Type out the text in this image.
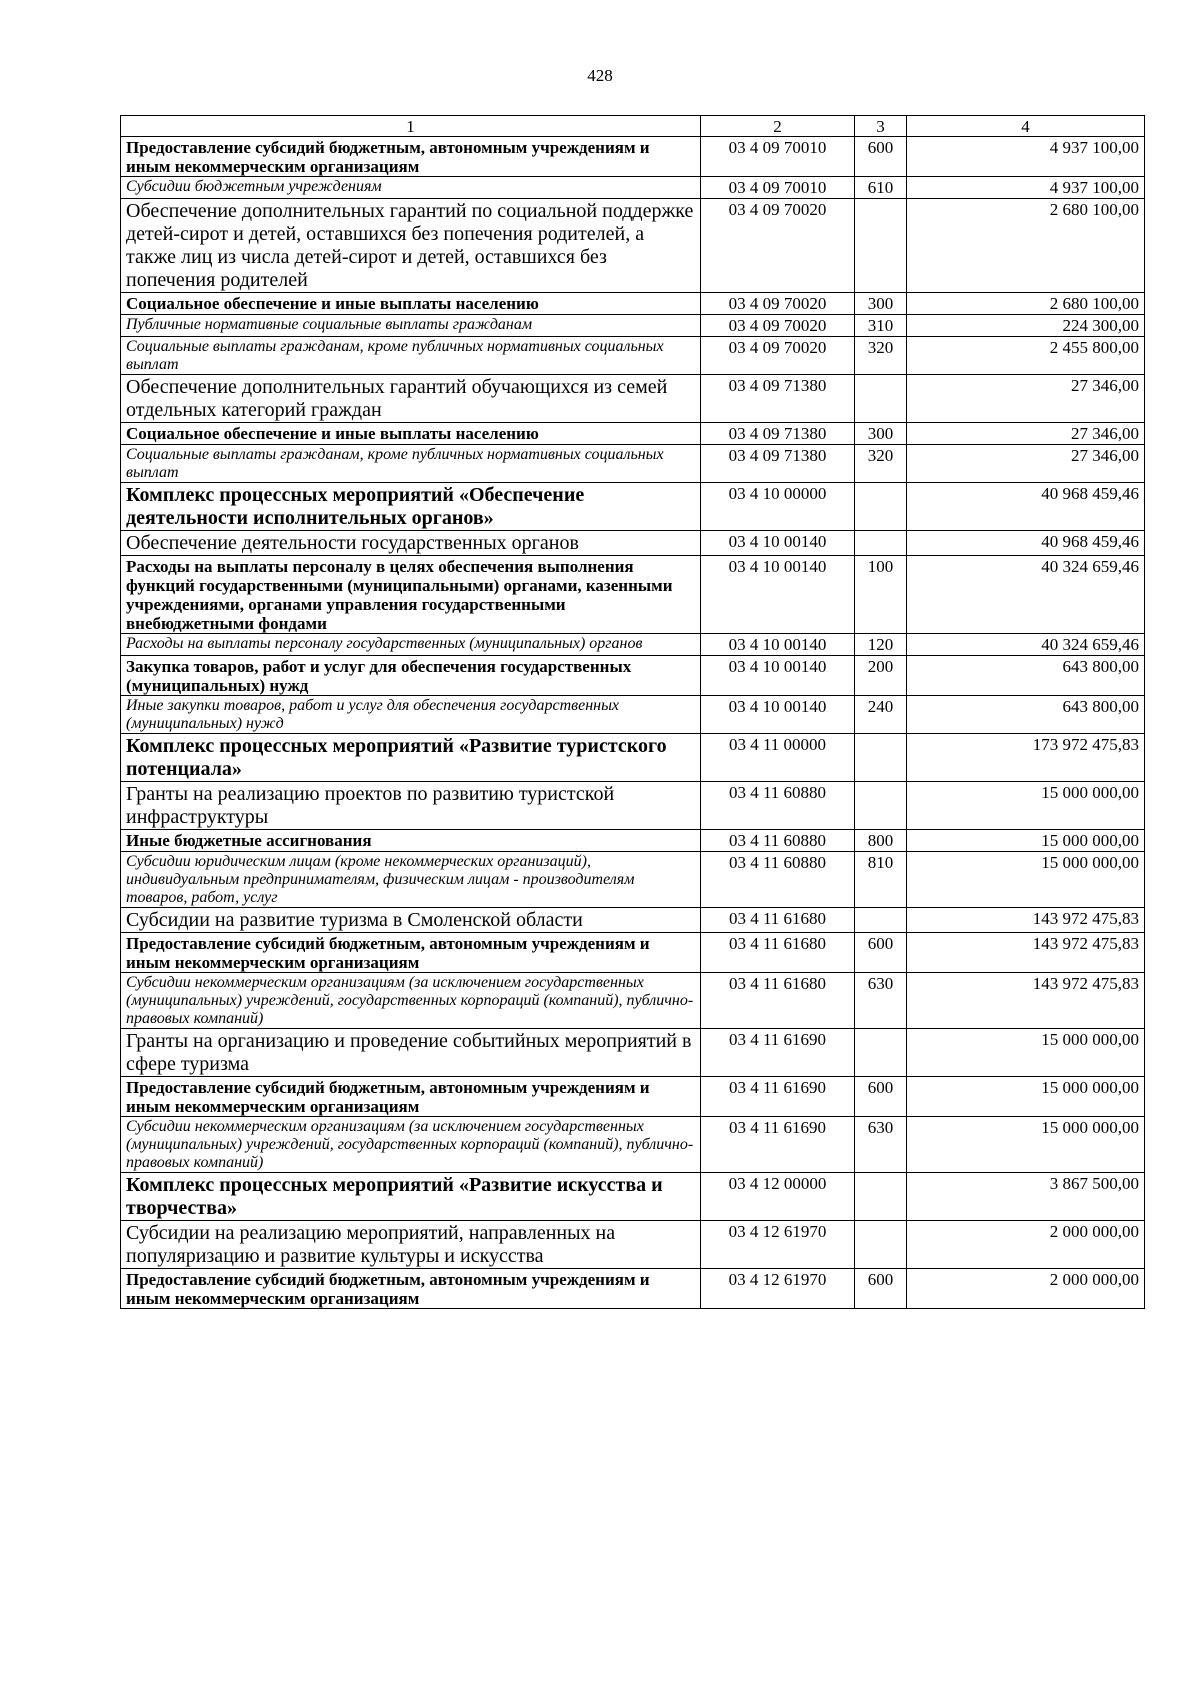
428
1	2	3	4
Предоставление субсидий бюджетным, автономным учреждениям и иным некоммерческим организациям	03 4 09 70010	600	4 937 100,00
Субсидии бюджетным учреждениям	03 4 09 70010	610	4 937 100,00
Обеспечение дополнительных гарантий по социальной поддержке детей-сирот и детей, оставшихся без попечения родителей, а также лиц из числа детей-сирот и детей, оставшихся без попечения родителей	03 4 09 70020		2 680 100,00
Социальное обеспечение и иные выплаты населению	03 4 09 70020	300	2 680 100,00
Публичные нормативные социальные выплаты гражданам	03 4 09 70020	310	224 300,00
Социальные выплаты гражданам, кроме публичных нормативных социальных выплат	03 4 09 70020	320	2 455 800,00
Обеспечение дополнительных гарантий обучающихся из семей отдельных категорий граждан	03 4 09 71380		27 346,00
Социальное обеспечение и иные выплаты населению	03 4 09 71380	300	27 346,00
Социальные выплаты гражданам, кроме публичных нормативных социальных выплат	03 4 09 71380	320	27 346,00
Комплекс процессных мероприятий «Обеспечение деятельности исполнительных органов»	03 4 10 00000		40 968 459,46
Обеспечение деятельности государственных органов	03 4 10 00140		40 968 459,46
Расходы на выплаты персоналу в целях обеспечения выполнения функций государственными (муниципальными) органами, казенными учреждениями, органами управления государственными внебюджетными фондами	03 4 10 00140	100	40 324 659,46
Расходы на выплаты персоналу государственных (муниципальных) органов	03 4 10 00140	120	40 324 659,46
Закупка товаров, работ и услуг для обеспечения государственных (муниципальных) нужд	03 4 10 00140	200	643 800,00
Иные закупки товаров, работ и услуг для обеспечения государственных (муниципальных) нужд	03 4 10 00140	240	643 800,00
Комплекс процессных мероприятий «Развитие туристского потенциала»	03 4 11 00000		173 972 475,83
Гранты на реализацию проектов по развитию туристской инфраструктуры	03 4 11 60880		15 000 000,00
Иные бюджетные ассигнования	03 4 11 60880	800	15 000 000,00
Субсидии юридическим лицам (кроме некоммерческих организаций), индивидуальным предпринимателям, физическим лицам - производителям товаров, работ, услуг	03 4 11 60880	810	15 000 000,00
Субсидии на развитие туризма в Смоленской области	03 4 11 61680		143 972 475,83
Предоставление субсидий бюджетным, автономным учреждениям и иным некоммерческим организациям	03 4 11 61680	600	143 972 475,83
Субсидии некоммерческим организациям (за исключением государственных (муниципальных) учреждений, государственных корпораций (компаний), публично-правовых компаний)	03 4 11 61680	630	143 972 475,83
Гранты на организацию и проведение событийных мероприятий в сфере туризма	03 4 11 61690		15 000 000,00
Предоставление субсидий бюджетным, автономным учреждениям и иным некоммерческим организациям	03 4 11 61690	600	15 000 000,00
Субсидии некоммерческим организациям (за исключением государственных (муниципальных) учреждений, государственных корпораций (компаний), публично-правовых компаний)	03 4 11 61690	630	15 000 000,00
Комплекс процессных мероприятий «Развитие искусства и творчества»	03 4 12 00000		3 867 500,00
Субсидии на реализацию мероприятий, направленных на популяризацию и развитие культуры и искусства	03 4 12 61970		2 000 000,00
Предоставление субсидий бюджетным, автономным учреждениям и иным некоммерческим организациям	03 4 12 61970	600	2 000 000,00
